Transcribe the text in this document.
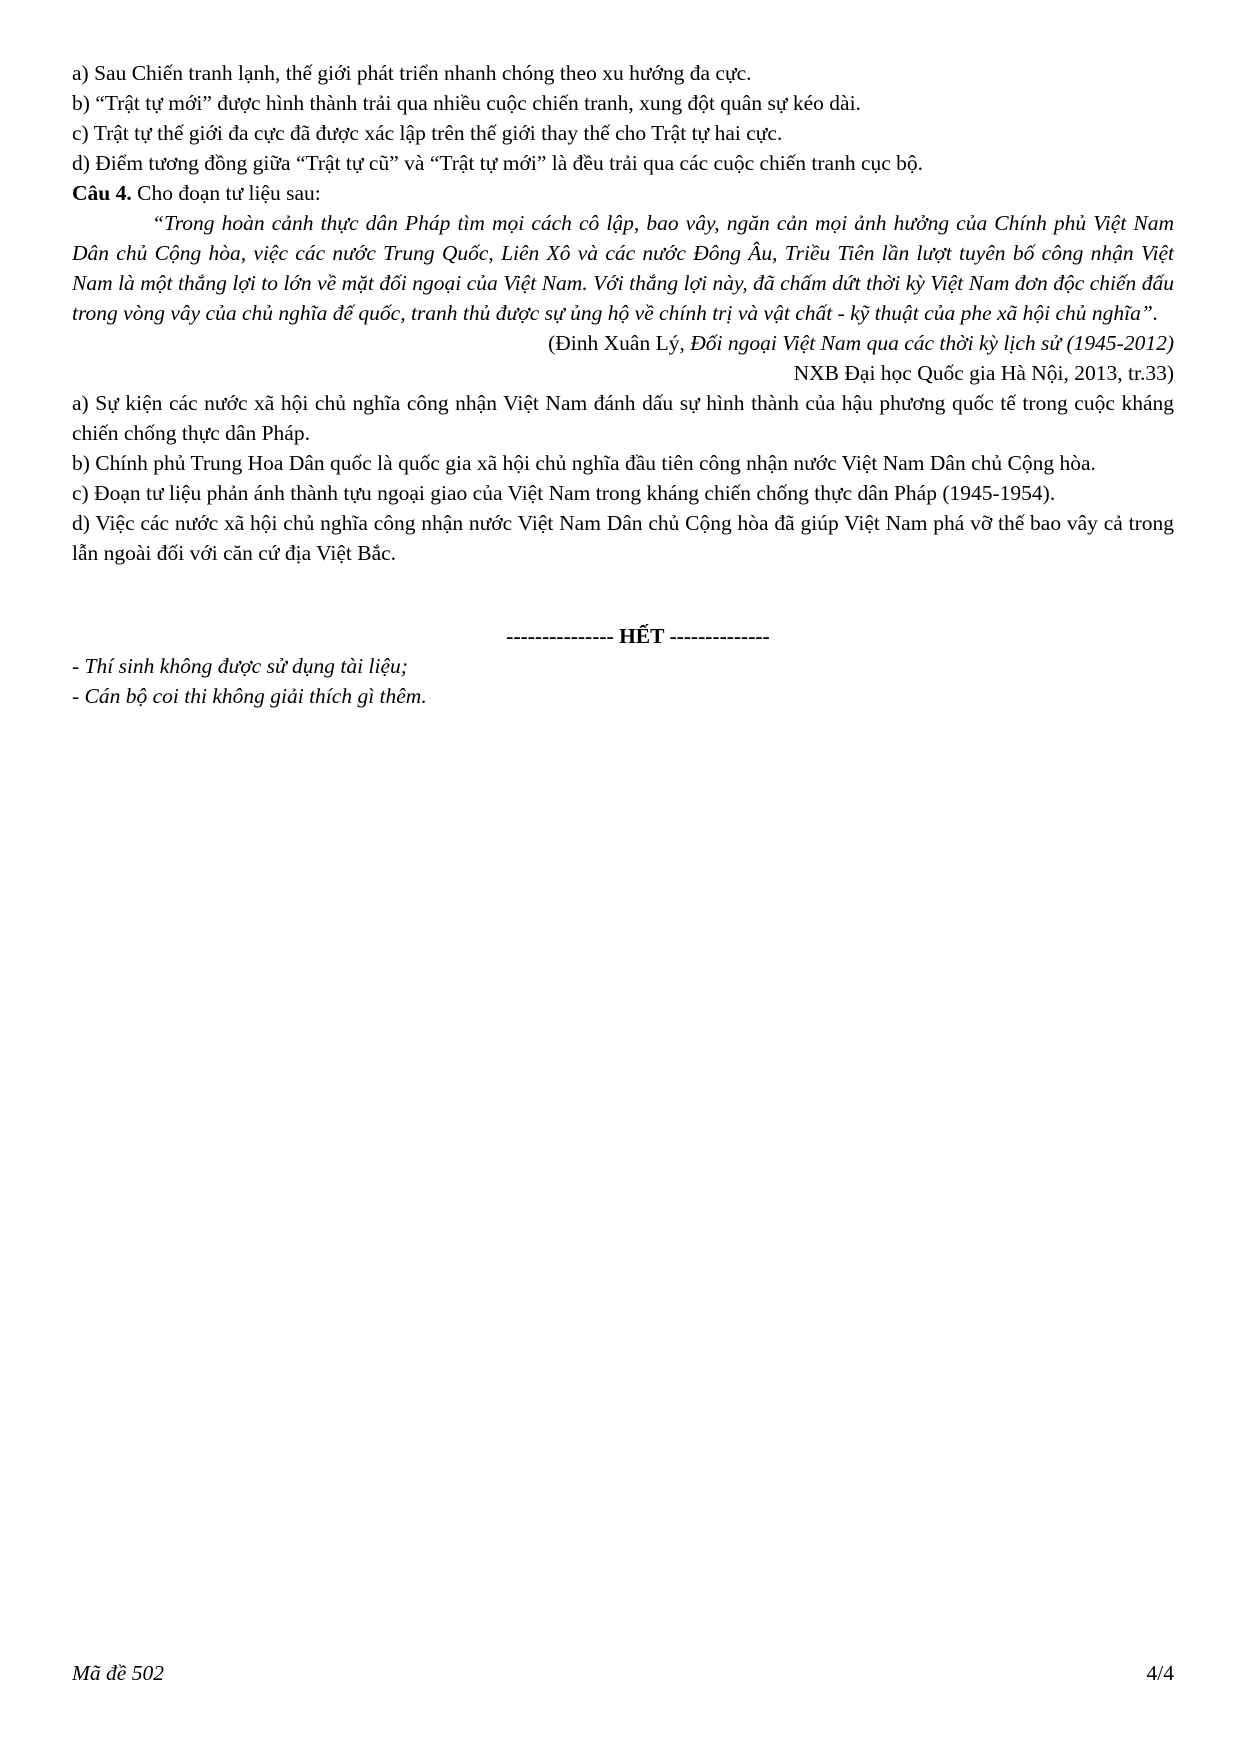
a) Sau Chiến tranh lạnh, thế giới phát triển nhanh chóng theo xu hướng đa cực.
b) “Trật tự mới” được hình thành trải qua nhiều cuộc chiến tranh, xung đột quân sự kéo dài.
c) Trật tự thế giới đa cực đã được xác lập trên thế giới thay thế cho Trật tự hai cực.
d) Điểm tương đồng giữa “Trật tự cũ” và “Trật tự mới” là đều trải qua các cuộc chiến tranh cục bộ.
Câu 4. Cho đoạn tư liệu sau:
“Trong hoàn cảnh thực dân Pháp tìm mọi cách cô lập, bao vây, ngăn cản mọi ảnh hưởng của Chính phủ Việt Nam Dân chủ Cộng hòa, việc các nước Trung Quốc, Liên Xô và các nước Đông Âu, Triều Tiên lần lượt tuyên bố công nhận Việt Nam là một thắng lợi to lớn về mặt đối ngoại của Việt Nam. Với thắng lợi này, đã chấm dứt thời kỳ Việt Nam đơn độc chiến đấu trong vòng vây của chủ nghĩa đế quốc, tranh thủ được sự ủng hộ về chính trị và vật chất - kỹ thuật của phe xã hội chủ nghĩa”.
(Đinh Xuân Lý, Đối ngoại Việt Nam qua các thời kỳ lịch sử (1945-2012)
NXB Đại học Quốc gia Hà Nội, 2013, tr.33)
a) Sự kiện các nước xã hội chủ nghĩa công nhận Việt Nam đánh dấu sự hình thành của hậu phương quốc tế trong cuộc kháng chiến chống thực dân Pháp.
b) Chính phủ Trung Hoa Dân quốc là quốc gia xã hội chủ nghĩa đầu tiên công nhận nước Việt Nam Dân chủ Cộng hòa.
c) Đoạn tư liệu phản ánh thành tựu ngoại giao của Việt Nam trong kháng chiến chống thực dân Pháp (1945-1954).
d) Việc các nước xã hội chủ nghĩa công nhận nước Việt Nam Dân chủ Cộng hòa đã giúp Việt Nam phá vỡ thế bao vây cả trong lẫn ngoài đối với căn cứ địa Việt Bắc.
--------------- HẾT --------------
- Thí sinh không được sử dụng tài liệu;
- Cán bộ coi thi không giải thích gì thêm.
Mã đề 502	4/4
